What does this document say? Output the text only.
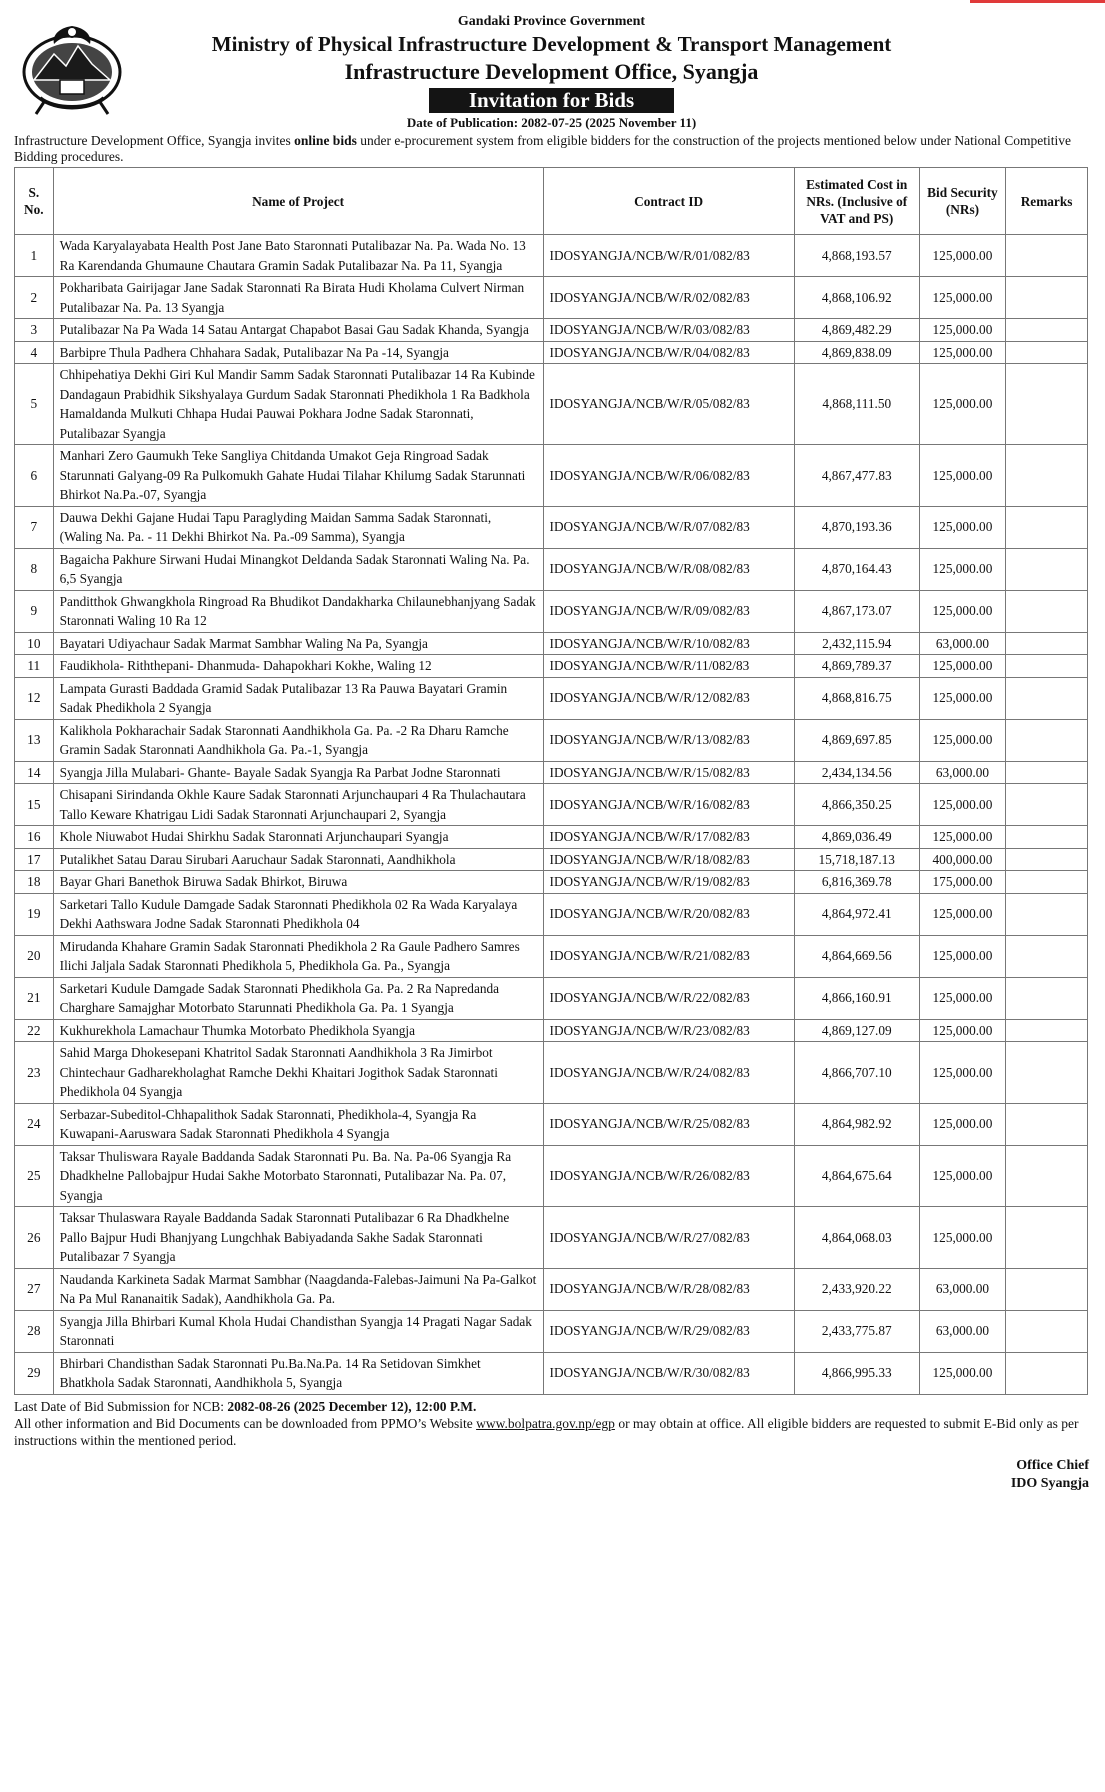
Gandaki Province Government
Ministry of Physical Infrastructure Development & Transport Management
Infrastructure Development Office, Syangja
Invitation for Bids
Date of Publication: 2082-07-25 (2025 November 11)
Infrastructure Development Office, Syangja invites online bids under e-procurement system from eligible bidders for the construction of the projects mentioned below under National Competitive Bidding procedures.
S. No.	Name of Project	Contract ID	Estimated Cost in NRs. (Inclusive of VAT and PS)	Bid Security (NRs)	Remarks
1	Wada Karyalayabata Health Post Jane Bato Staronnati Putalibazar Na. Pa. Wada No. 13 Ra Karendanda Ghumaune Chautara Gramin Sadak Putalibazar Na. Pa 11, Syangja	IDOSYANGJA/NCB/W/R/01/082/83	4,868,193.57	125,000.00	
2	Pokharibata Gairijagar Jane Sadak Staronnati Ra Birata Hudi Kholama Culvert Nirman Putalibazar Na. Pa. 13 Syangja	IDOSYANGJA/NCB/W/R/02/082/83	4,868,106.92	125,000.00	
3	Putalibazar Na Pa Wada 14 Satau Antargat Chapabot Basai Gau Sadak Khanda, Syangja	IDOSYANGJA/NCB/W/R/03/082/83	4,869,482.29	125,000.00	
4	Barbipre Thula Padhera Chhahara Sadak, Putalibazar Na Pa -14, Syangja	IDOSYANGJA/NCB/W/R/04/082/83	4,869,838.09	125,000.00	
5	Chhipehatiya Dekhi Giri Kul Mandir Samm Sadak Staronnati Putalibazar 14 Ra Kubinde Dandagaun Prabidhik Sikshyalaya Gurdum Sadak Staronnati Phedikhola 1 Ra Badkhola Hamaldanda Mulkuti Chhapa Hudai Pauwai Pokhara Jodne Sadak Staronnati, Putalibazar Syangja	IDOSYANGJA/NCB/W/R/05/082/83	4,868,111.50	125,000.00	
6	Manhari Zero Gaumukh Teke Sangliya Chitdanda Umakot Geja Ringroad Sadak Starunnati Galyang-09 Ra Pulkomukh Gahate Hudai Tilahar Khilumg Sadak Starunnati Bhirkot Na.Pa.-07, Syangja	IDOSYANGJA/NCB/W/R/06/082/83	4,867,477.83	125,000.00	
7	Dauwa Dekhi Gajane Hudai Tapu Paraglyding Maidan Samma Sadak Staronnati, (Waling Na. Pa. - 11 Dekhi Bhirkot Na. Pa.-09 Samma), Syangja	IDOSYANGJA/NCB/W/R/07/082/83	4,870,193.36	125,000.00	
8	Bagaicha Pakhure Sirwani Hudai Minangkot Deldanda Sadak Staronnati Waling Na. Pa. 6,5 Syangja	IDOSYANGJA/NCB/W/R/08/082/83	4,870,164.43	125,000.00	
9	Panditthok Ghwangkhola Ringroad Ra Bhudikot Dandakharka Chilaunebhanjyang Sadak Staronnati Waling 10 Ra 12	IDOSYANGJA/NCB/W/R/09/082/83	4,867,173.07	125,000.00	
10	Bayatari Udiyachaur Sadak Marmat Sambhar Waling Na Pa, Syangja	IDOSYANGJA/NCB/W/R/10/082/83	2,432,115.94	63,000.00	
11	Faudikhola- Riththepani- Dhanmuda- Dahapokhari Kokhe, Waling 12	IDOSYANGJA/NCB/W/R/11/082/83	4,869,789.37	125,000.00	
12	Lampata Gurasti Baddada Gramid Sadak Putalibazar 13 Ra Pauwa Bayatari Gramin Sadak Phedikhola 2 Syangja	IDOSYANGJA/NCB/W/R/12/082/83	4,868,816.75	125,000.00	
13	Kalikhola Pokharachair Sadak Staronnati Aandhikhola Ga. Pa. -2 Ra Dharu Ramche Gramin Sadak Staronnati Aandhikhola Ga. Pa.-1, Syangja	IDOSYANGJA/NCB/W/R/13/082/83	4,869,697.85	125,000.00	
14	Syangja Jilla Mulabari- Ghante- Bayale Sadak Syangja Ra Parbat Jodne Staronnati	IDOSYANGJA/NCB/W/R/15/082/83	2,434,134.56	63,000.00	
15	Chisapani Sirindanda Okhle Kaure Sadak Staronnati Arjunchaupari 4 Ra Thulachautara Tallo Keware Khatrigau Lidi Sadak Staronnati Arjunchaupari 2, Syangja	IDOSYANGJA/NCB/W/R/16/082/83	4,866,350.25	125,000.00	
16	Khole Niuwabot Hudai Shirkhu Sadak Staronnati Arjunchaupari Syangja	IDOSYANGJA/NCB/W/R/17/082/83	4,869,036.49	125,000.00	
17	Putalikhet Satau Darau Sirubari Aaruchaur Sadak Staronnati, Aandhikhola	IDOSYANGJA/NCB/W/R/18/082/83	15,718,187.13	400,000.00	
18	Bayar Ghari Banethok Biruwa Sadak Bhirkot, Biruwa	IDOSYANGJA/NCB/W/R/19/082/83	6,816,369.78	175,000.00	
19	Sarketari Tallo Kudule Damgade Sadak Staronnati Phedikhola 02 Ra Wada Karyalaya Dekhi Aathswara Jodne Sadak Staronnati Phedikhola 04	IDOSYANGJA/NCB/W/R/20/082/83	4,864,972.41	125,000.00	
20	Mirudanda Khahare Gramin Sadak Staronnati Phedikhola 2 Ra Gaule Padhero Samres Ilichi Jaljala Sadak Staronnati Phedikhola 5, Phedikhola Ga. Pa., Syangja	IDOSYANGJA/NCB/W/R/21/082/83	4,864,669.56	125,000.00	
21	Sarketari Kudule Damgade Sadak Staronnati Phedikhola Ga. Pa. 2 Ra Napredanda Charghare Samajghar Motorbato Starunnati Phedikhola Ga. Pa. 1 Syangja	IDOSYANGJA/NCB/W/R/22/082/83	4,866,160.91	125,000.00	
22	Kukhurekhola Lamachaur Thumka Motorbato Phedikhola Syangja	IDOSYANGJA/NCB/W/R/23/082/83	4,869,127.09	125,000.00	
23	Sahid Marga Dhokesepani Khatritol Sadak Staronnati Aandhikhola 3 Ra Jimirbot Chintechaur Gadharekholaghat Ramche Dekhi Khaitari Jogithok Sadak Staronnati Phedikhola 04 Syangja	IDOSYANGJA/NCB/W/R/24/082/83	4,866,707.10	125,000.00	
24	Serbazar-Subeditol-Chhapalithok Sadak Staronnati, Phedikhola-4, Syangja Ra Kuwapani-Aaruswara Sadak Staronnati Phedikhola 4 Syangja	IDOSYANGJA/NCB/W/R/25/082/83	4,864,982.92	125,000.00	
25	Taksar Thuliswara Rayale Baddanda Sadak Staronnati Pu. Ba. Na. Pa-06 Syangja Ra Dhadkhelne Pallobajpur Hudai Sakhe Motorbato Staronnati, Putalibazar Na. Pa. 07, Syangja	IDOSYANGJA/NCB/W/R/26/082/83	4,864,675.64	125,000.00	
26	Taksar Thulaswara Rayale Baddanda Sadak Staronnati Putalibazar 6 Ra Dhadkhelne Pallo Bajpur Hudi Bhanjyang Lungchhak Babiyadanda Sakhe Sadak Staronnati Putalibazar 7 Syangja	IDOSYANGJA/NCB/W/R/27/082/83	4,864,068.03	125,000.00	
27	Naudanda Karkineta Sadak Marmat Sambhar (Naagdanda-Falebas-Jaimuni Na Pa-Galkot Na Pa Mul Rananaitik Sadak), Aandhikhola Ga. Pa.	IDOSYANGJA/NCB/W/R/28/082/83	2,433,920.22	63,000.00	
28	Syangja Jilla Bhirbari Kumal Khola Hudai Chandisthan Syangja 14 Pragati Nagar Sadak Staronnati	IDOSYANGJA/NCB/W/R/29/082/83	2,433,775.87	63,000.00	
29	Bhirbari Chandisthan Sadak Staronnati Pu.Ba.Na.Pa. 14 Ra Setidovan Simkhet Bhatkhola Sadak Staronnati, Aandhikhola 5, Syangja	IDOSYANGJA/NCB/W/R/30/082/83	4,866,995.33	125,000.00	
Last Date of Bid Submission for NCB: 2082-08-26 (2025 December 12), 12:00 P.M.
All other information and Bid Documents can be downloaded from PPMO’s Website www.bolpatra.gov.np/egp or may obtain at office. All eligible bidders are requested to submit E-Bid only as per instructions within the mentioned period.
Office Chief
IDO Syangja
